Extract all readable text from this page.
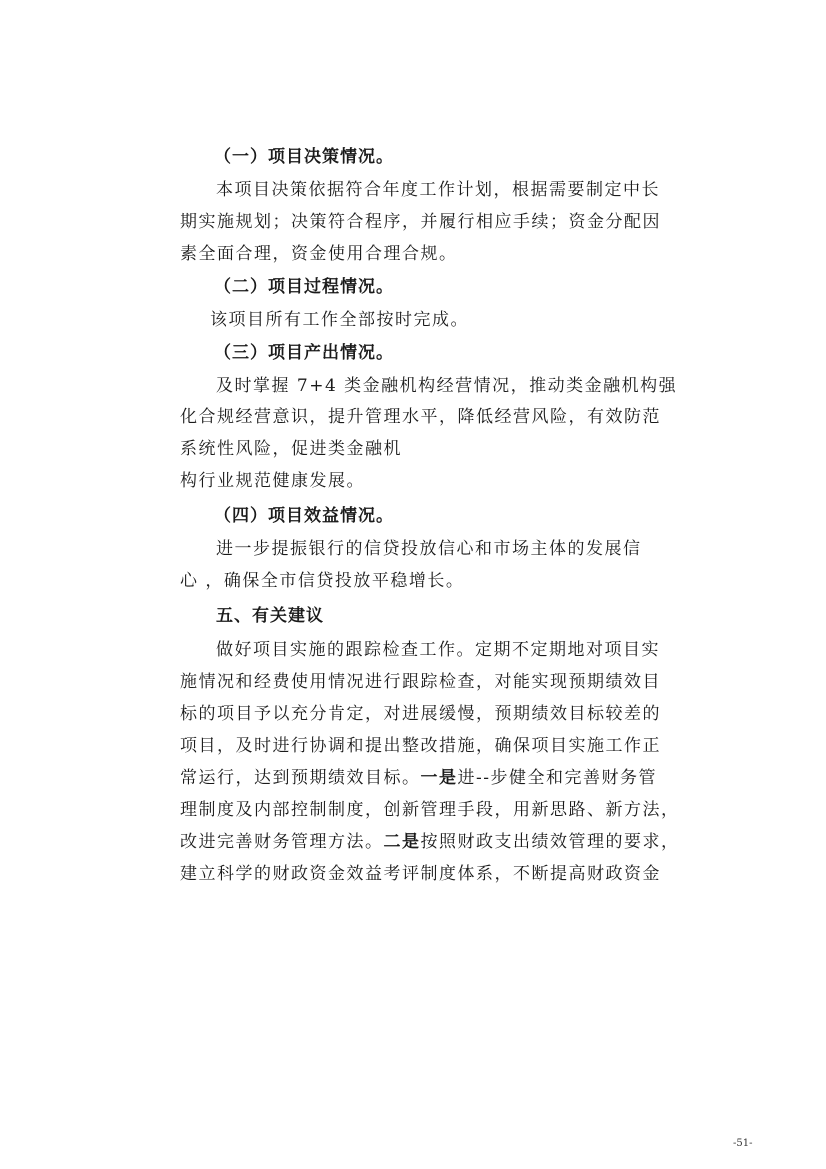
（一）项目决策情况。
本项目决策依据符合年度工作计划，根据需要制定中长
期实施规划；决策符合程序，并履行相应手续；资金分配因
素全面合理，资金使用合理合规。
（二）项目过程情况。
该项目所有工作全部按时完成。
（三）项目产出情况。
及时掌握 7+4 类金融机构经营情况，推动类金融机构强
化合规经营意识，提升管理水平，降低经营风险，有效防范
系统性风险，促进类金融机
构行业规范健康发展。
（四）项目效益情况。
进一步提振银行的信贷投放信心和市场主体的发展信
心 ，确保全市信贷投放平稳增长。
五、有关建议
做好项目实施的跟踪检查工作。定期不定期地对项目实
施情况和经费使用情况进行跟踪检查，对能实现预期绩效目
标的项目予以充分肯定，对进展缓慢，预期绩效目标较差的
项目，及时进行协调和提出整改措施，确保项目实施工作正
常运行，达到预期绩效目标。一是进--步健全和完善财务管
理制度及内部控制制度，创新管理手段，用新思路、新方法，
改进完善财务管理方法。二是按照财政支出绩效管理的要求，
建立科学的财政资金效益考评制度体系，不断提高财政资金
-51-
